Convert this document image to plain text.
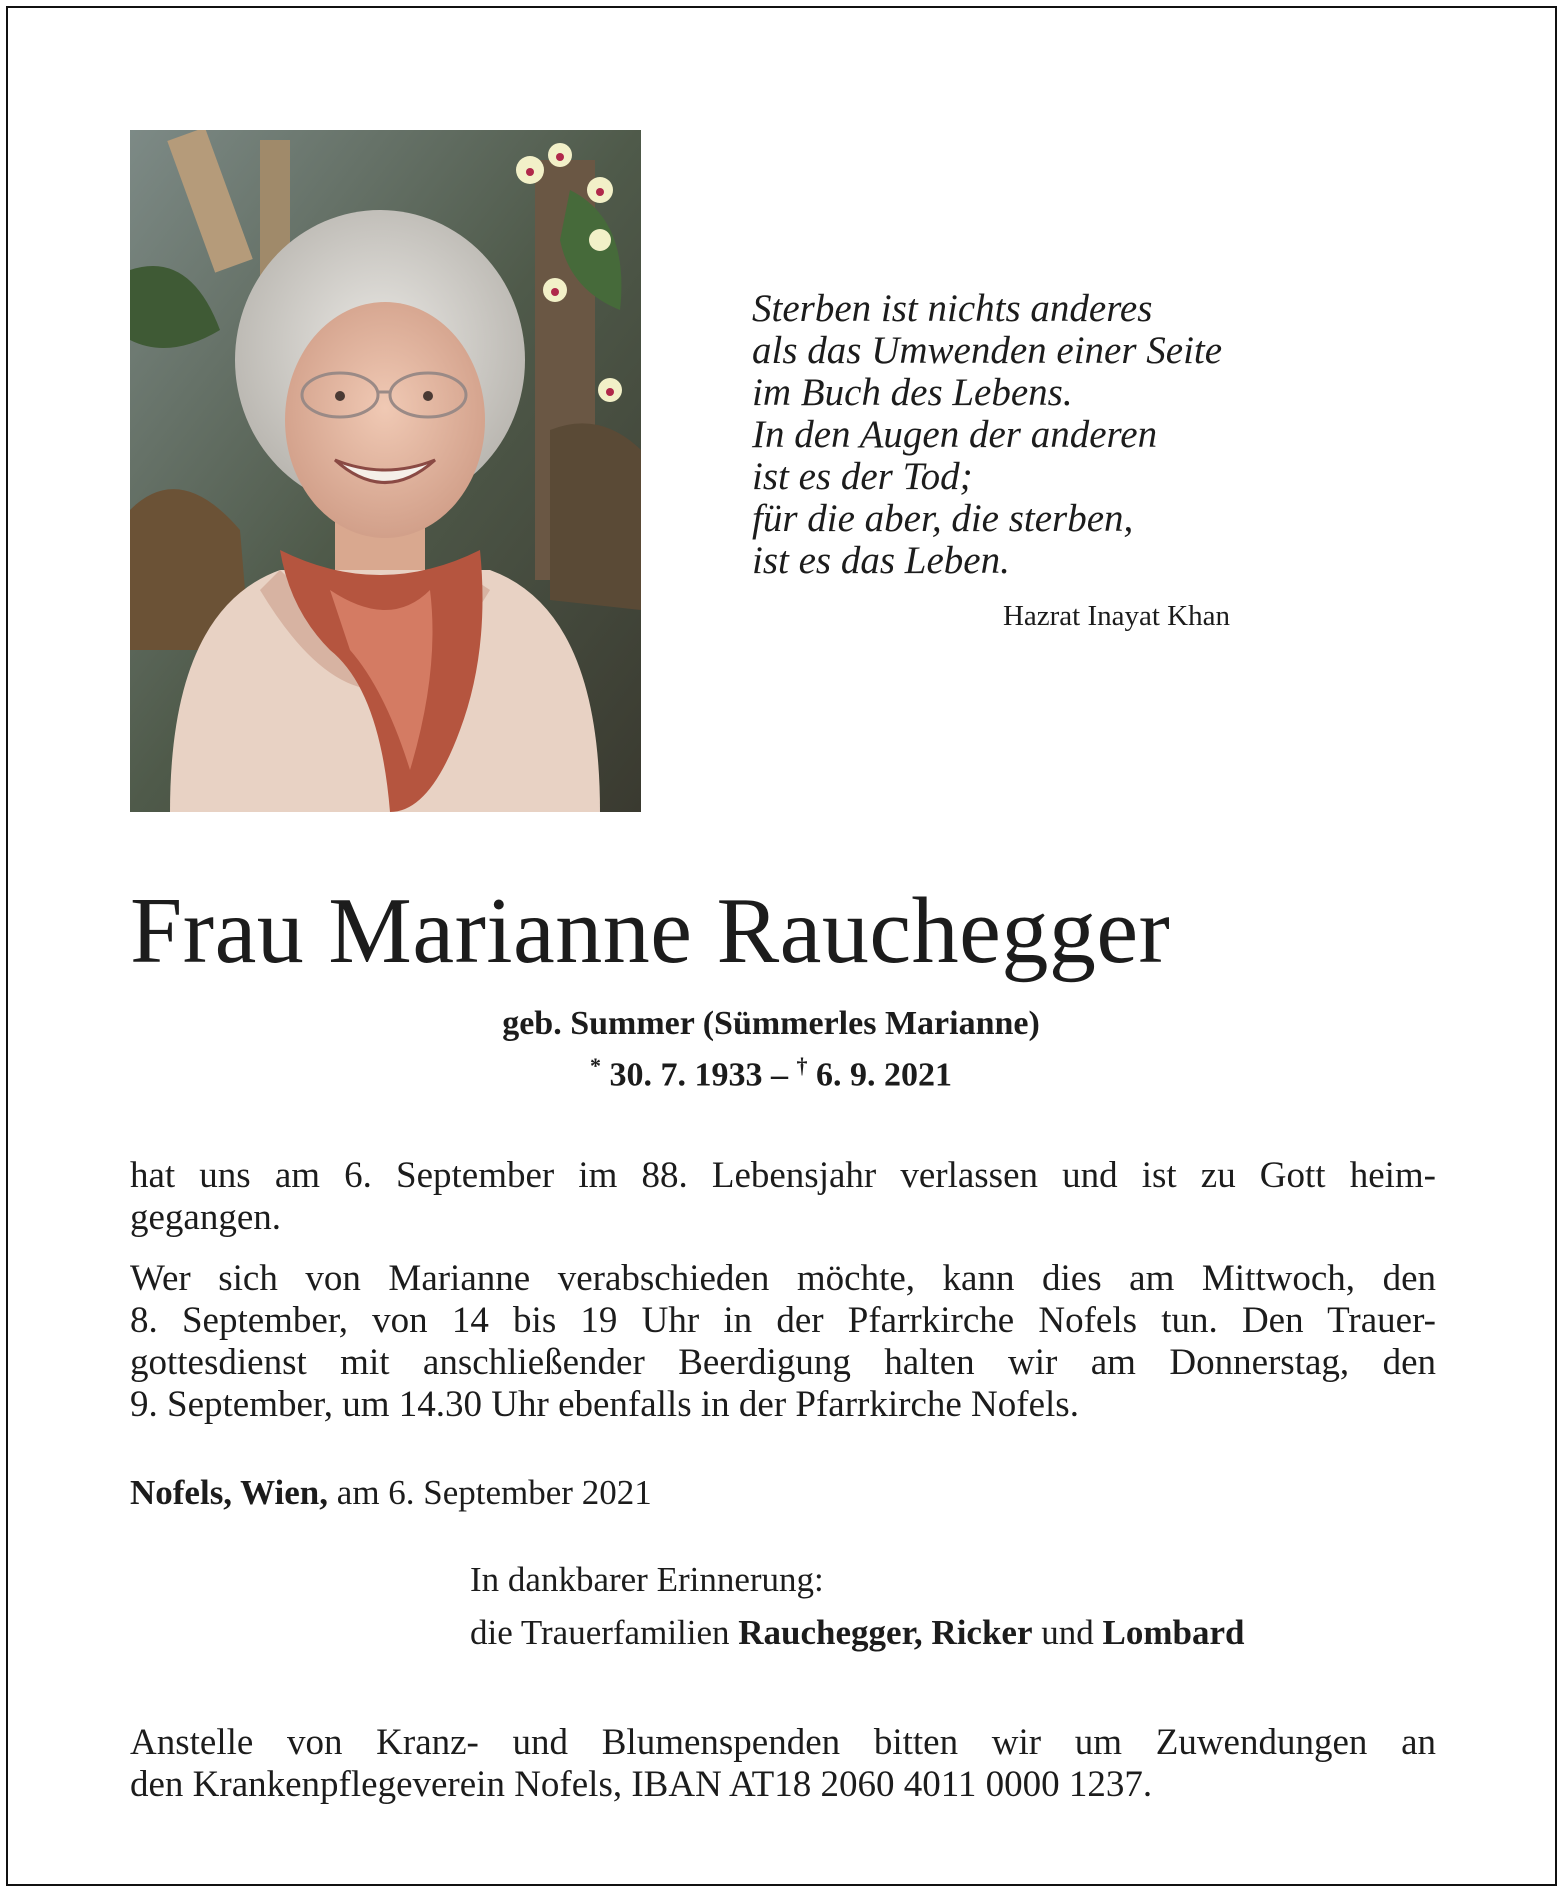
Sterben ist nichts anderes
als das Umwenden einer Seite
im Buch des Lebens.
In den Augen der anderen
ist es der Tod;
für die aber, die sterben,
ist es das Leben.
Hazrat Inayat Khan
Frau Marianne Rauchegger
geb. Summer (Sümmerles Marianne)
* 30. 7. 1933 – † 6. 9. 2021
hat uns am 6. September im 88. Lebensjahr verlassen und ist zu Gott heim-
gegangen.
Wer sich von Marianne verabschieden möchte, kann dies am Mittwoch, den
8. September, von 14 bis 19 Uhr in der Pfarrkirche Nofels tun. Den Trauer-
gottesdienst mit anschließender Beerdigung halten wir am Donnerstag, den
9. September, um 14.30 Uhr ebenfalls in der Pfarrkirche Nofels.
Nofels, Wien, am 6. September 2021
In dankbarer Erinnerung:
die Trauerfamilien Rauchegger, Ricker und Lombard
Anstelle von Kranz- und Blumenspenden bitten wir um Zuwendungen an
den Krankenpflegeverein Nofels, IBAN AT18 2060 4011 0000 1237.
